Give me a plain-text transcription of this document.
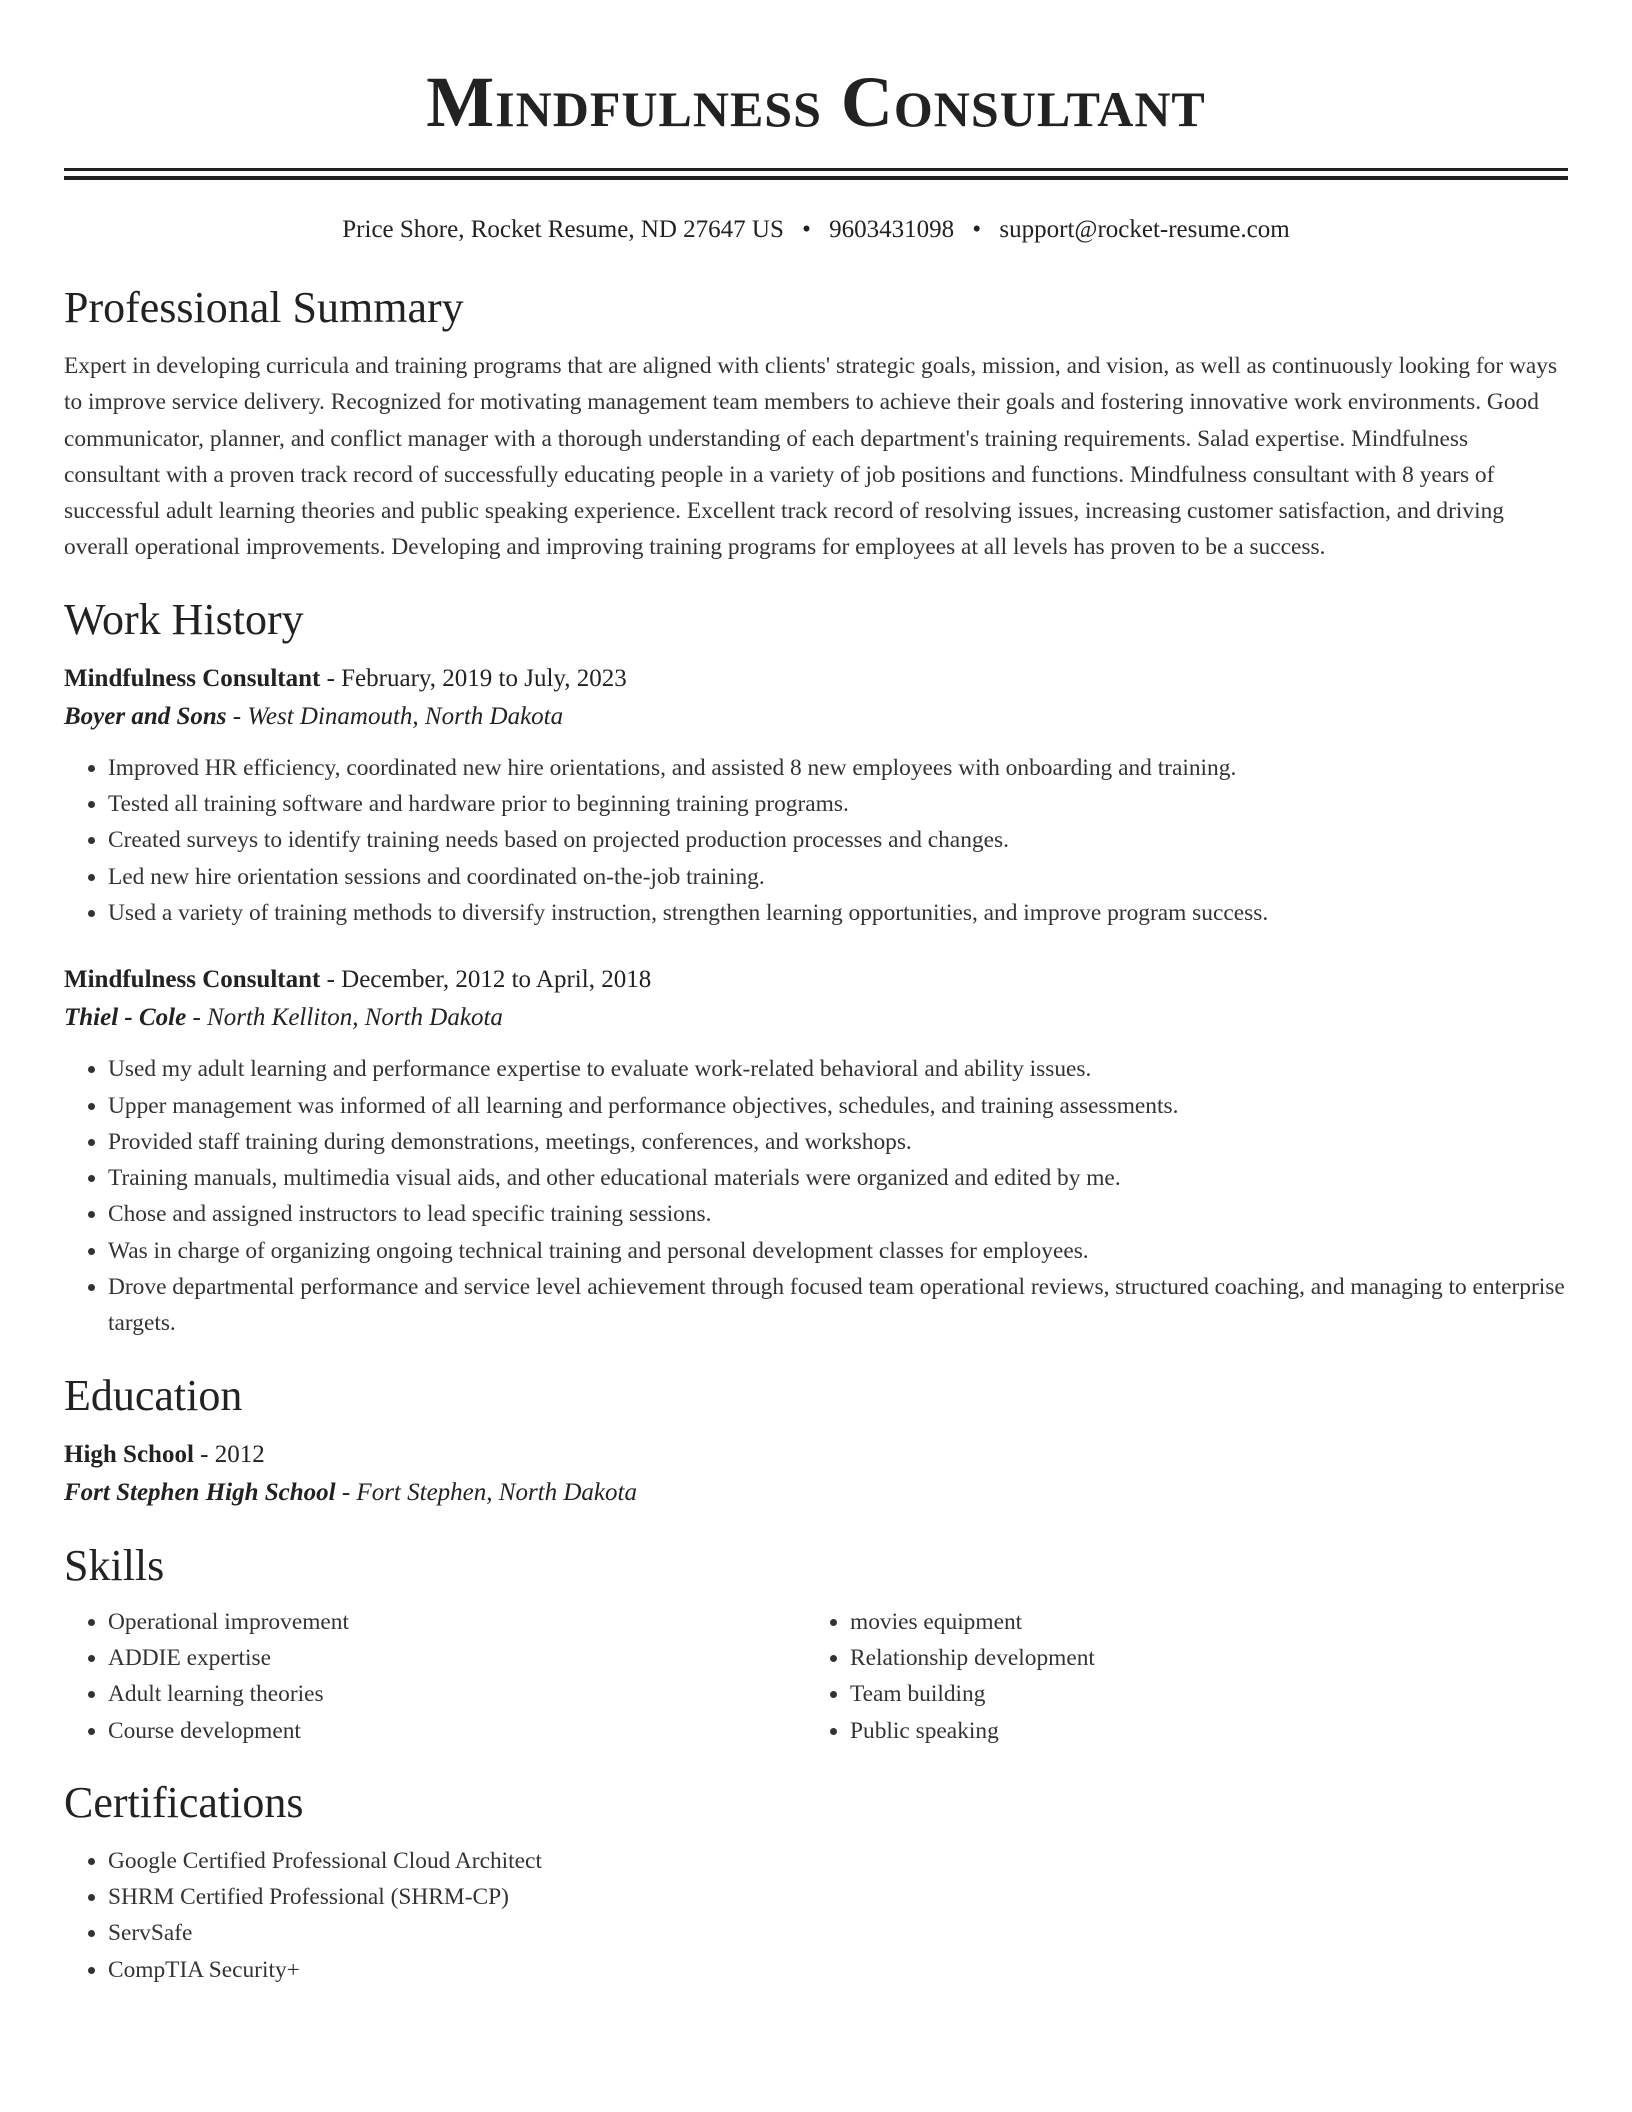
Mindfulness Consultant
Price Shore, Rocket Resume, ND 27647 US • 9603431098 • support@rocket-resume.com
Professional Summary

Expert in developing curricula and training programs that are aligned with clients' strategic goals, mission, and vision, as well as continuously looking for ways to improve service delivery. Recognized for motivating management team members to achieve their goals and fostering innovative work environments. Good communicator, planner, and conflict manager with a thorough understanding of each department's training requirements. Salad expertise. Mindfulness consultant with a proven track record of successfully educating people in a variety of job positions and functions. Mindfulness consultant with 8 years of successful adult learning theories and public speaking experience. Excellent track record of resolving issues, increasing customer satisfaction, and driving overall operational improvements. Developing and improving training programs for employees at all levels has proven to be a success.

Work History
Mindfulness Consultant - February, 2019 to July, 2023
Boyer and Sons - West Dinamouth, North Dakota
• Improved HR efficiency, coordinated new hire orientations, and assisted 8 new employees with onboarding and training.
• Tested all training software and hardware prior to beginning training programs.
• Created surveys to identify training needs based on projected production processes and changes.
• Led new hire orientation sessions and coordinated on-the-job training.
• Used a variety of training methods to diversify instruction, strengthen learning opportunities, and improve program success.
Mindfulness Consultant - December, 2012 to April, 2018
Thiel - Cole - North Kelliton, North Dakota
• Used my adult learning and performance expertise to evaluate work-related behavioral and ability issues.
• Upper management was informed of all learning and performance objectives, schedules, and training assessments.
• Provided staff training during demonstrations, meetings, conferences, and workshops.
• Training manuals, multimedia visual aids, and other educational materials were organized and edited by me.
• Chose and assigned instructors to lead specific training sessions.
• Was in charge of organizing ongoing technical training and personal development classes for employees.
• Drove departmental performance and service level achievement through focused team operational reviews, structured coaching, and managing to enterprise targets.
Education
High School - 2012
Fort Stephen High School - Fort Stephen, North Dakota
Skills
• Operational improvement
• ADDIE expertise
• Adult learning theories
• Course development
• movies equipment
• Relationship development
• Team building
• Public speaking
Certifications
• Google Certified Professional Cloud Architect
• SHRM Certified Professional (SHRM-CP)
• ServSafe
• CompTIA Security+
